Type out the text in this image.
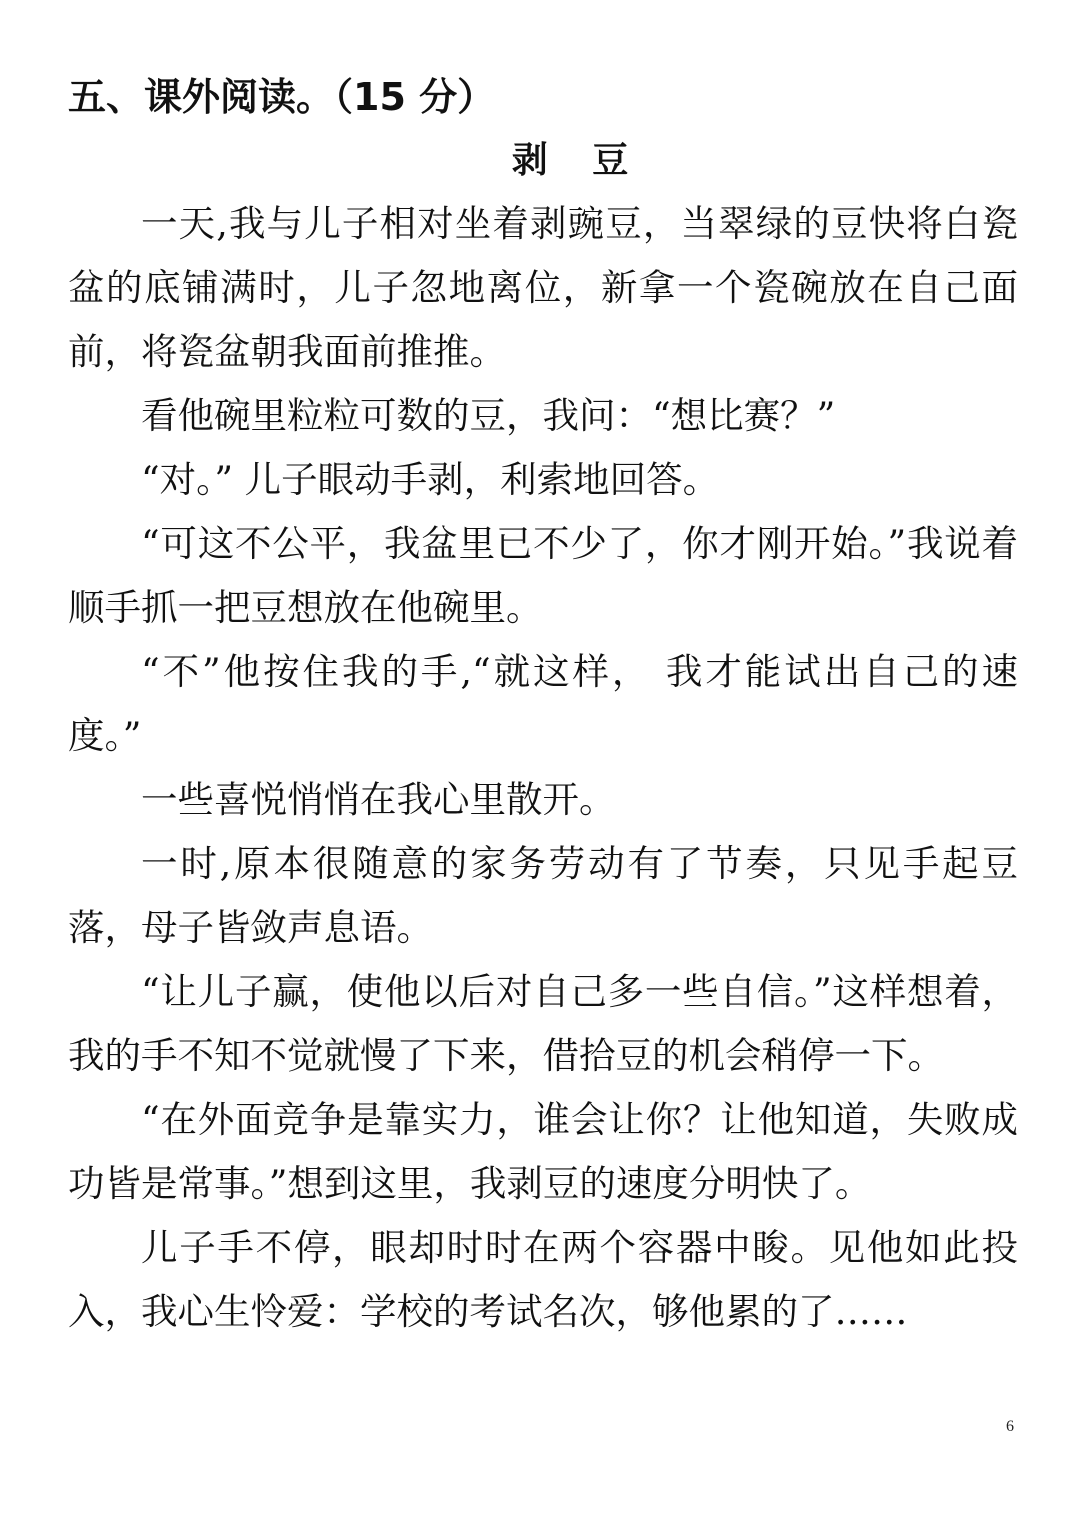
五、课外阅读。（15 分）
剥 豆

一天,我与儿子相对坐着剥豌豆，当翠绿的豆快将白瓷盆的底铺满时，儿子忽地离位，新拿一个瓷碗放在自己面前，将瓷盆朝我面前推推。

看他碗里粒粒可数的豆，我问：“想比赛？”

“对。” 儿子眼动手剥，利索地回答。

“可这不公平，我盆里已不少了，你才刚开始。”我说着顺手抓一把豆想放在他碗里。

“不”他按住我的手,“就这样， 我才能试出自己的速度。”

一些喜悦悄悄在我心里散开。

一时,原本很随意的家务劳动有了节奏，只见手起豆落，母子皆敛声息语。

“让儿子赢，使他以后对自己多一些自信。”这样想着，我的手不知不觉就慢了下来，借拾豆的机会稍停一下。

“在外面竞争是靠实力，谁会让你？让他知道，失败成功皆是常事。”想到这里，我剥豆的速度分明快了。

儿子手不停，眼却时时在两个容器中睃。见他如此投入，我心生怜爱：学校的考试名次，够他累的了……

6
